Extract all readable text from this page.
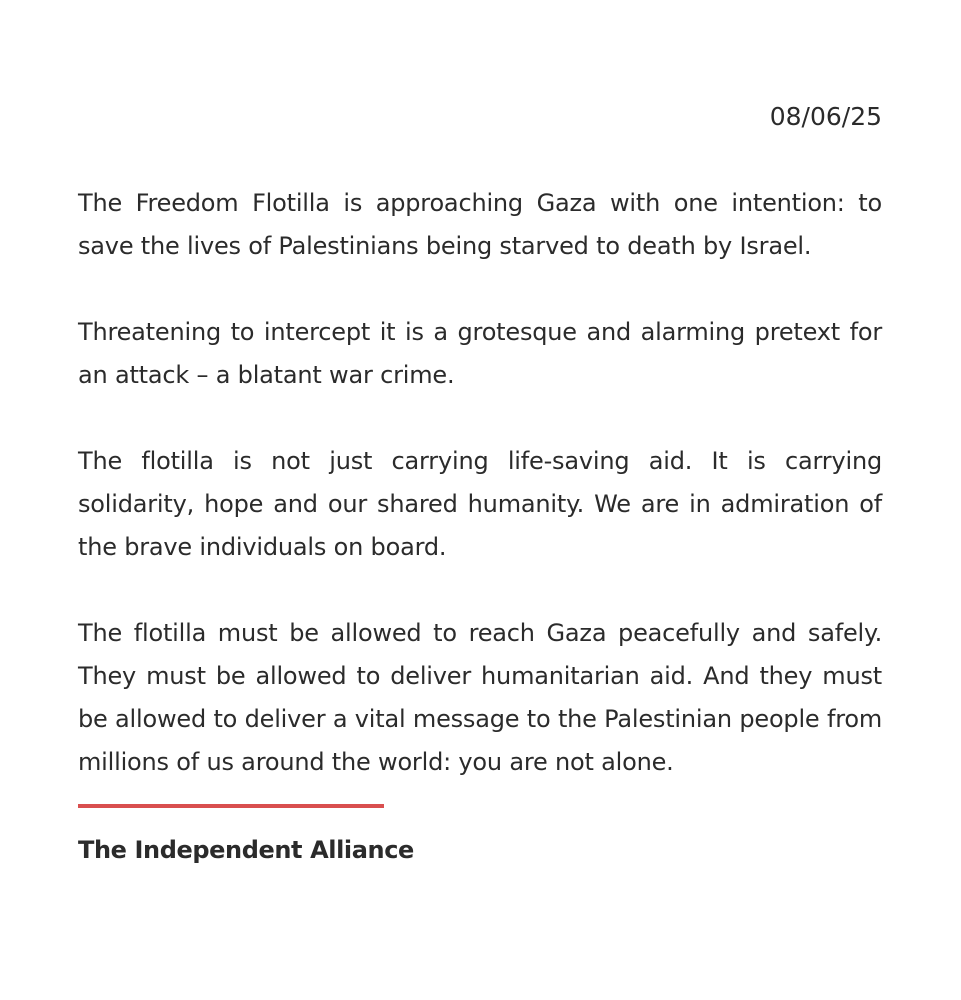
08/06/25

The Freedom Flotilla is approaching Gaza with one intention: to save the lives of Palestinians being starved to death by Israel.

Threatening to intercept it is a grotesque and alarming pretext for an attack – a blatant war crime.

The flotilla is not just carrying life-saving aid. It is carrying solidarity, hope and our shared humanity. We are in admiration of the brave individuals on board.

The flotilla must be allowed to reach Gaza peacefully and safely. They must be allowed to deliver humanitarian aid. And they must be allowed to deliver a vital message to the Palestinian people from millions of us around the world: you are not alone.

The Independent Alliance
